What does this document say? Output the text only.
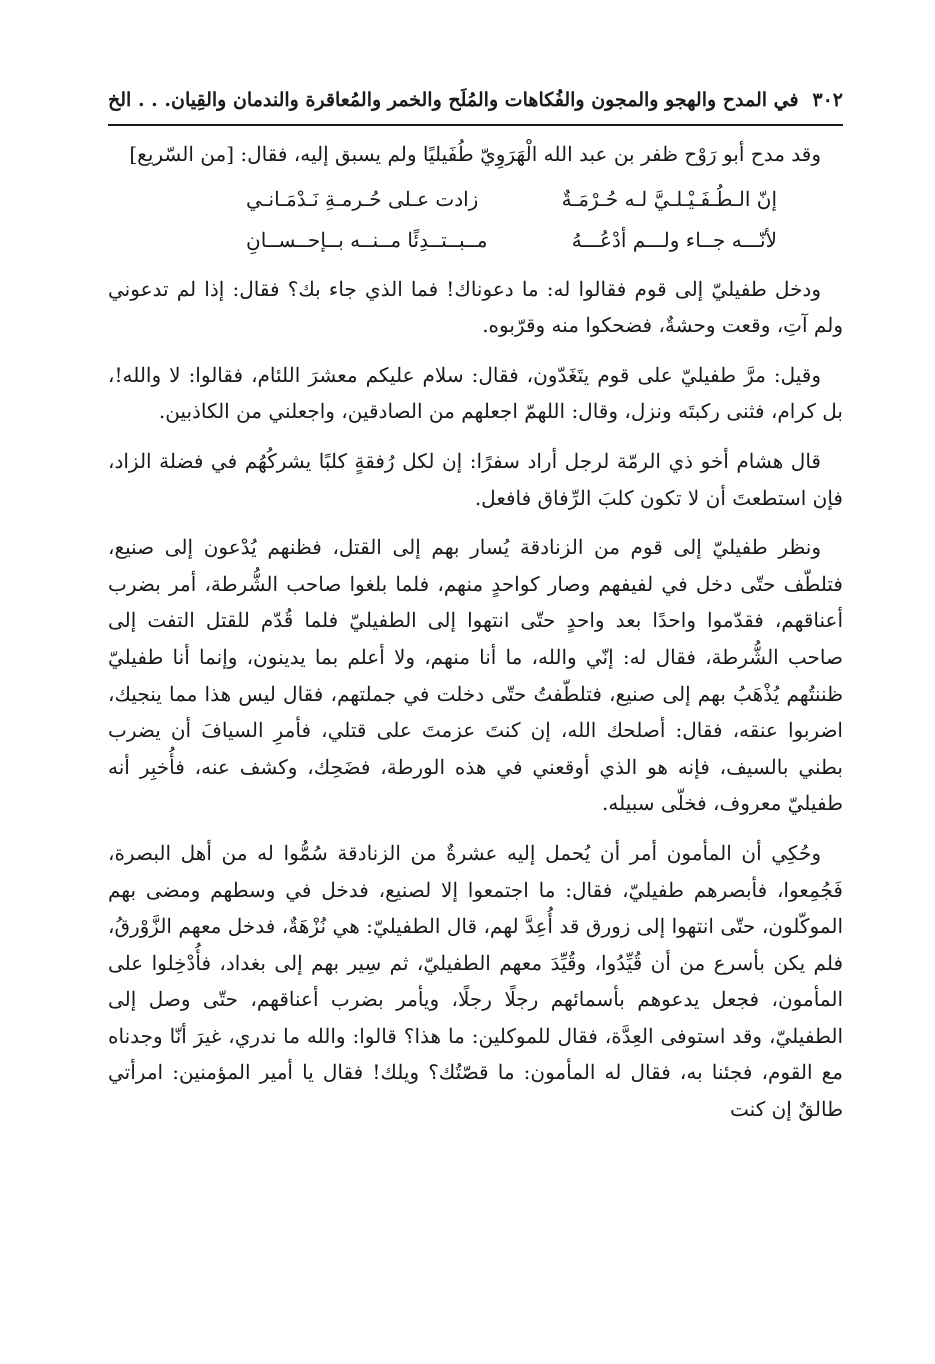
٣٠٢
في المدح والهجو والمجون والفُكاهات والمُلَح والخمر والمُعاقرة والندمان والقِيان. . . الخ

وقد مدح أبو رَوْح ظفر بن عبد الله الْهَرَوِيّ طُفَيليًا ولم يسبق إليه، فقال: [من السّريع]

إنّ الـطُـفَـيْـلـيَّ لـه حُـرْمَـةٌ
زادت عـلى حُـرمـةِ نَـدْمَـانـي
لأنّـــه جــاء ولـــم أدْعُـــهُ
مــبــتــدِئًا مــنــه بــإحــســانِ

ودخل طفيليّ إلى قوم فقالوا له: ما دعوناك! فما الذي جاء بك؟ فقال: إذا لم تدعوني ولم آتِ، وقعت وحشةٌ، فضحكوا منه وقرّبوه.

وقيل: مرَّ طفيليّ على قوم يتَغَدّون، فقال: سلام عليكم معشرَ اللئام، فقالوا: لا والله!، بل كرام، فثنى ركبتَه ونزل، وقال: اللهمّ اجعلهم من الصادقين، واجعلني من الكاذبين.

قال هشام أخو ذي الرمّة لرجل أراد سفرًا: إن لكل رُفقةٍ كلبًا يشركُهُم في فضلة الزاد، فإن استطعتَ أن لا تكون كلبَ الرِّفاق فافعل.

ونظر طفيليّ إلى قوم من الزنادقة يُسار بهم إلى القتل، فظنهم يُدْعون إلى صنيع، فتلطّف حتّى دخل في لفيفهم وصار كواحدٍ منهم، فلما بلغوا صاحب الشُّرطة، أمر بضرب أعناقهم، فقدّموا واحدًا بعد واحدٍ حتّى انتهوا إلى الطفيليّ فلما قُدّم للقتل التفت إلى صاحب الشُّرطة، فقال له: إنّي والله، ما أنا منهم، ولا أعلم بما يدينون، وإنما أنا طفيليّ ظننتُهم يُذْهَبُ بهم إلى صنيع، فتلطّفتُ حتّى دخلت في جملتهم، فقال ليس هذا مما ينجيك، اضربوا عنقه، فقال: أصلحك الله، إن كنتَ عزمتَ على قتلي، فأمرِ السيافَ أن يضرب بطني بالسيف، فإنه هو الذي أوقعني في هذه الورطة، فضَحِك، وكشف عنه، فأُخبِر أنه طفيليّ معروف، فخلّى سبيله.

وحُكِي أن المأمون أمر أن يُحمل إليه عشرةٌ من الزنادقة سُمُّوا له من أهل البصرة، فَجُمِعوا، فأبصرهم طفيليّ، فقال: ما اجتمعوا إلا لصنيع، فدخل في وسطهم ومضى بهم الموكّلون، حتّى انتهوا إلى زورق قد أُعِدَّ لهم، قال الطفيليّ: هي نُزْهَةٌ، فدخل معهم الزَّوْرقُ، فلم يكن بأسرع من أن قُيِّدُوا، وقُيِّدَ معهم الطفيليّ، ثم سِير بهم إلى بغداد، فأُدْخِلوا على المأمون، فجعل يدعوهم بأسمائهم رجلًا رجلًا، ويأمر بضرب أعناقهم، حتّى وصل إلى الطفيليّ، وقد استوفى العِدَّة، فقال للموكلين: ما هذا؟ قالوا: والله ما ندري، غيرَ أنّا وجدناه مع القوم، فجئنا به، فقال له المأمون: ما قصّتُك؟ ويلك! فقال يا أمير المؤمنين: امرأتي طالقٌ إن كنت
